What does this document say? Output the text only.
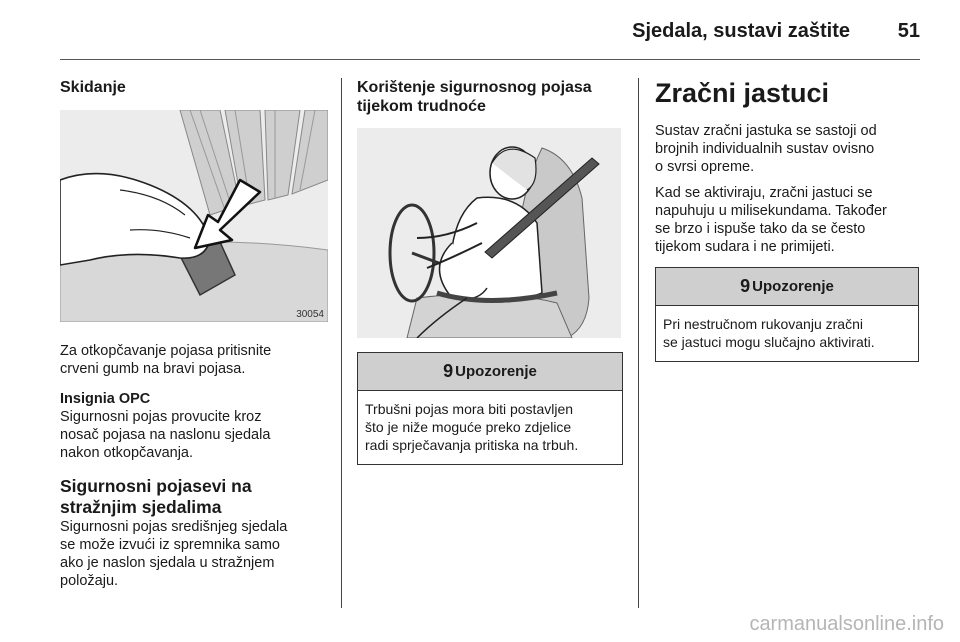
Sjedala, sustavi zaštite 51
Skidanje
30054
Za otkopčavanje pojasa pritisnite
crveni gumb na bravi pojasa.
Insignia OPC
Sigurnosni pojas provucite kroz
nosač pojasa na naslonu sjedala
nakon otkopčavanja.
Sigurnosni pojasevi na
stražnjim sjedalima
Sigurnosni pojas središnjeg sjedala
se može izvući iz spremnika samo
ako je naslon sjedala u stražnjem
položaju.
Korištenje sigurnosnog pojasa
tijekom trudnoće
9 Upozorenje
Trbušni pojas mora biti postavljen
što je niže moguće preko zdjelice
radi sprječavanja pritiska na trbuh.
Zračni jastuci
Sustav zračni jastuka se sastoji od
brojnih individualnih sustav ovisno
o svrsi opreme.
Kad se aktiviraju, zračni jastuci se
napuhuju u milisekundama. Također
se brzo i ispuše tako da se često
tijekom sudara i ne primijeti.
9 Upozorenje
Pri nestručnom rukovanju zračni
se jastuci mogu slučajno aktivirati.
carmanualsonline.info
